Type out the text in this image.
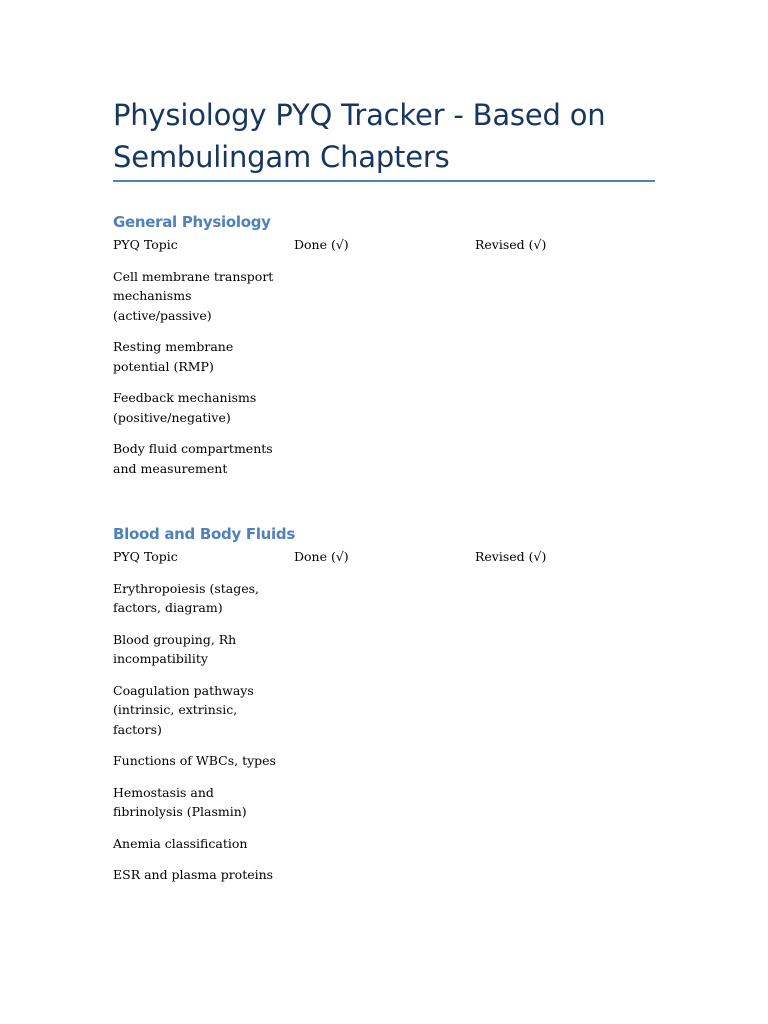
Physiology PYQ Tracker - Based on Sembulingam Chapters
General Physiology
PYQ Topic	Done (√)	Revised (√)

Cell membrane transport mechanisms (active/passive)		

Resting membrane potential (RMP)		

Feedback mechanisms (positive/negative)		

Body fluid compartments and measurement		

Blood and Body Fluids
PYQ Topic	Done (√)	Revised (√)

Erythropoiesis (stages, factors, diagram)		

Blood grouping, Rh incompatibility		

Coagulation pathways (intrinsic, extrinsic, factors)		

Functions of WBCs, types		

Hemostasis and fibrinolysis (Plasmin)		

Anemia classification		

ESR and plasma proteins		
